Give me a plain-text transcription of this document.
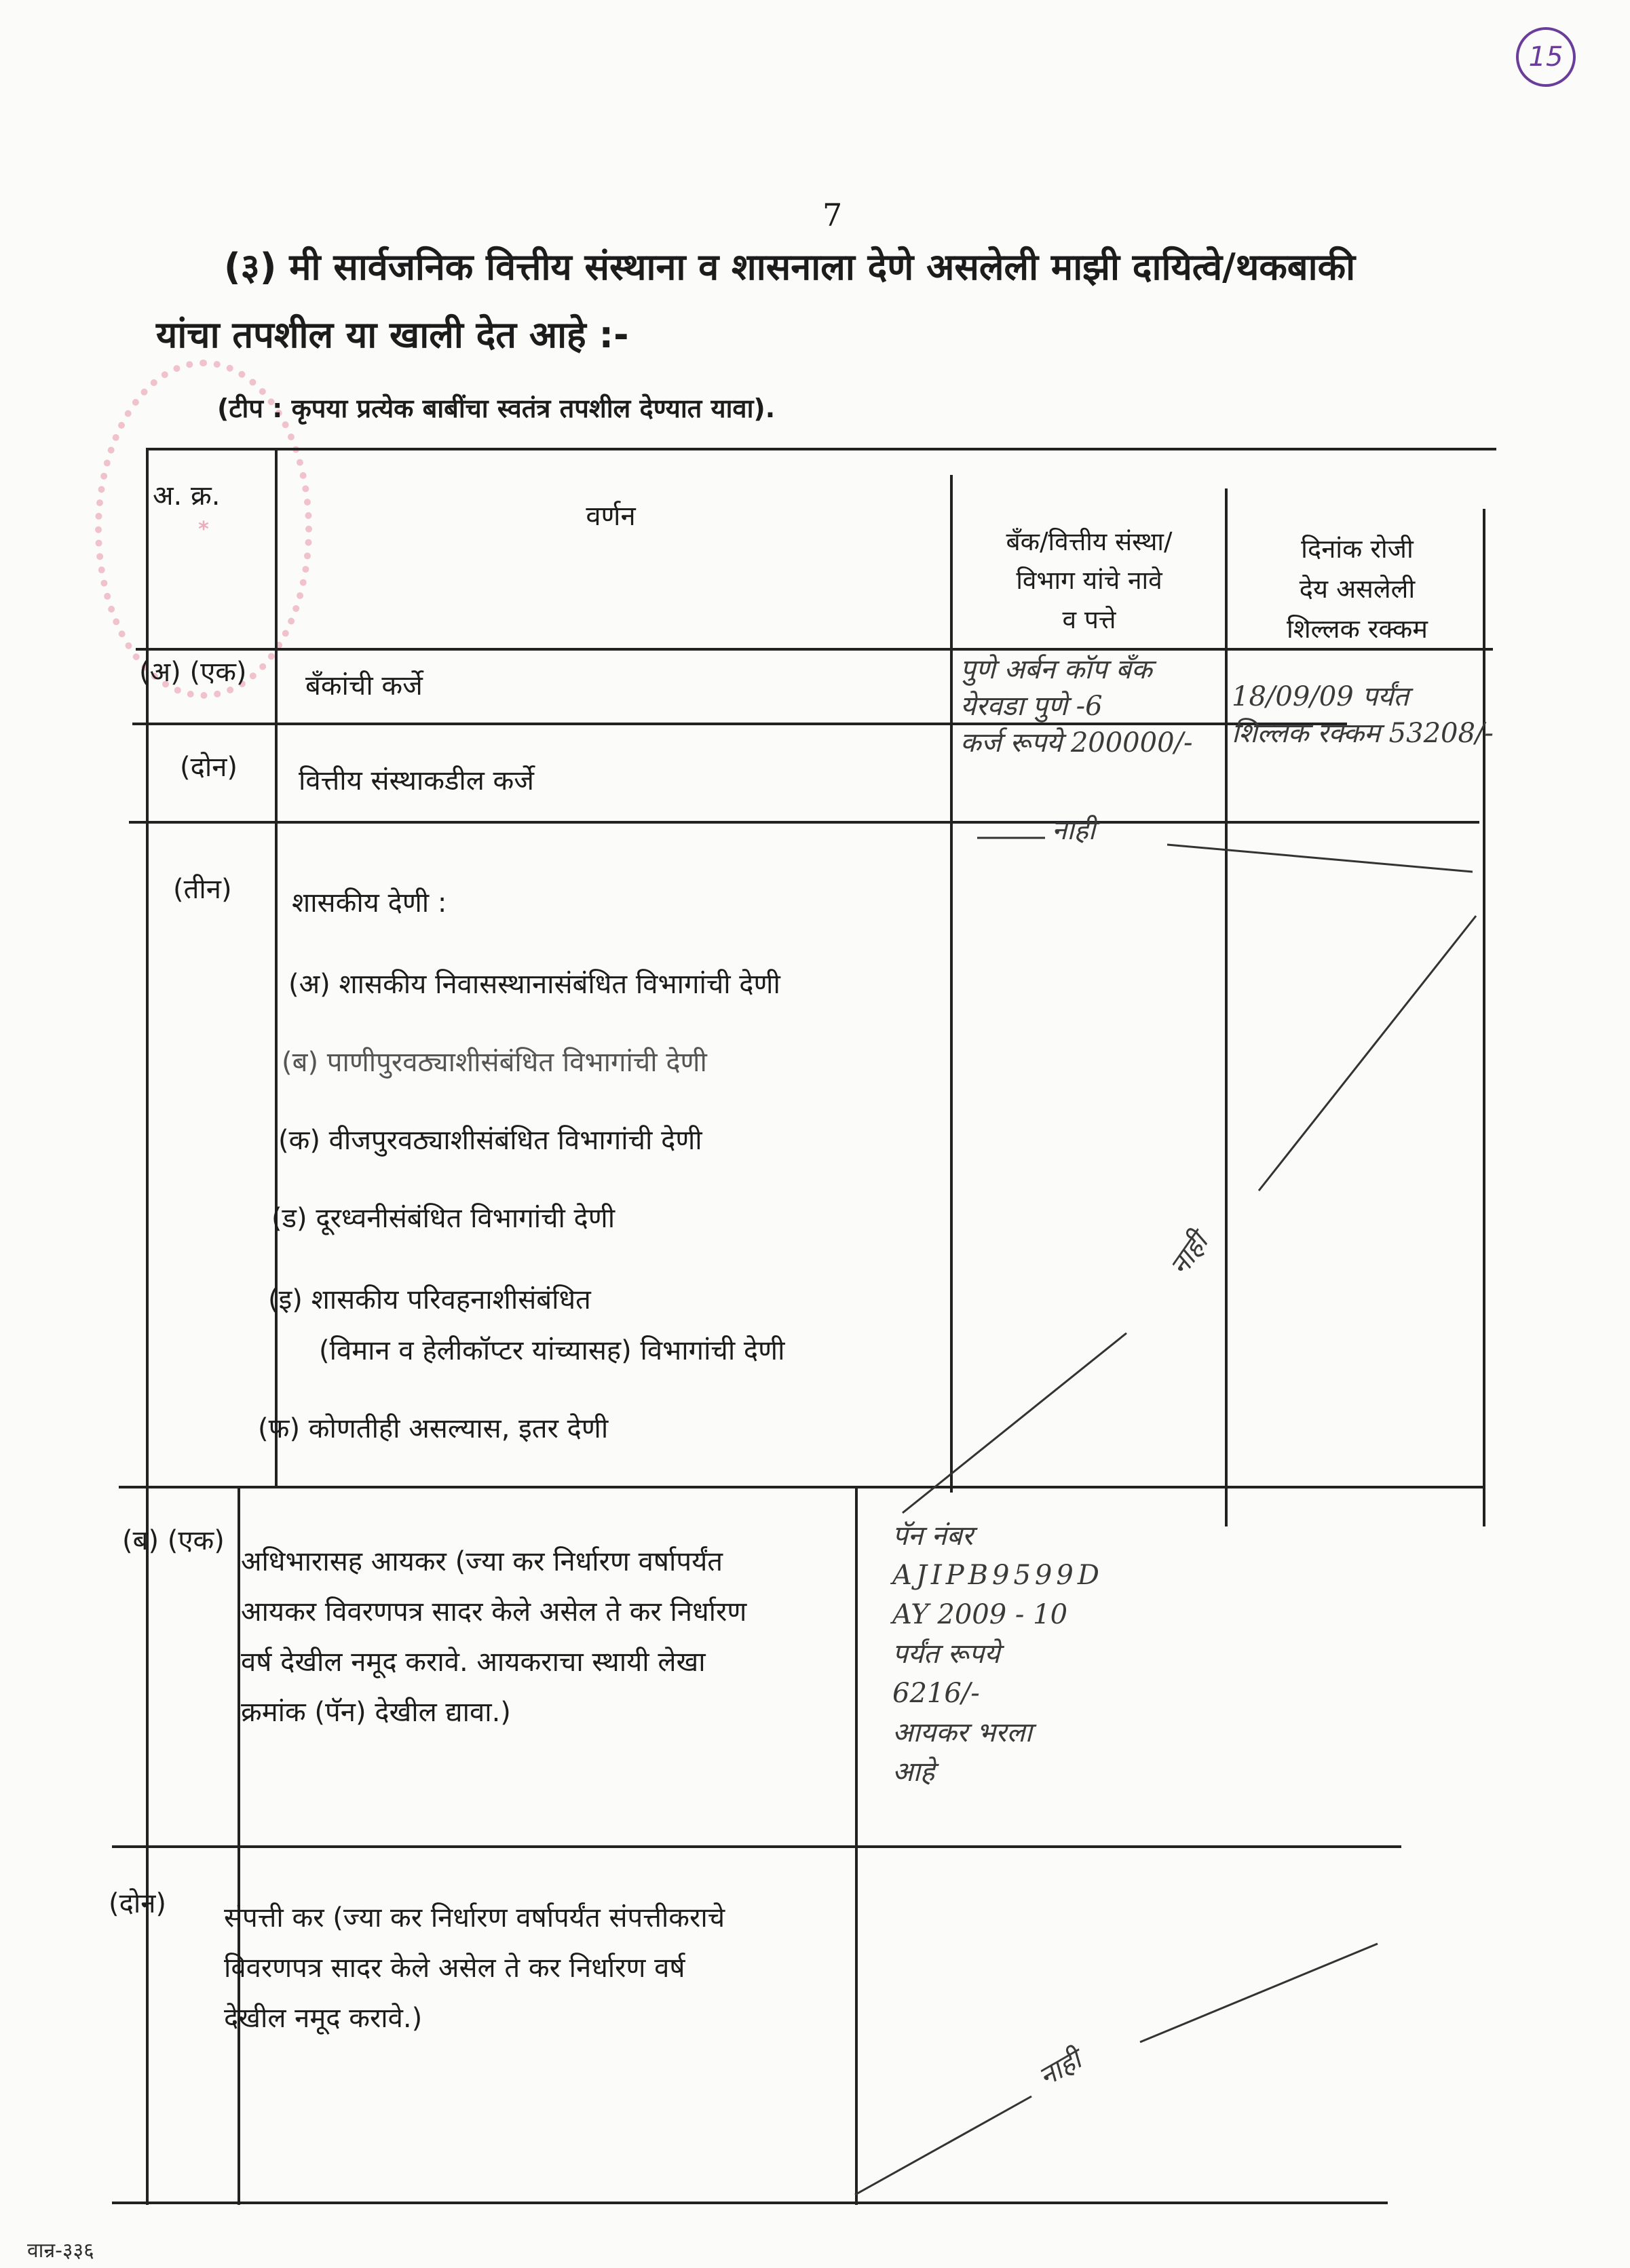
15
7
(३) मी सार्वजनिक वित्तीय संस्थाना व शासनाला देणे असलेली माझी दायित्वे/थकबाकी
यांचा तपशील या खाली देत आहे :-
*
(टीप : कृपया प्रत्येक बाबींचा स्वतंत्र तपशील देण्यात यावा).
अ. क्र.
वर्णन
बॅंक/वित्तीय संस्था/
विभाग यांचे नावे
व पत्ते
दिनांक रोजी
देय असलेली
शिल्लक रक्कम
(अ) (एक) बॅंकांची कर्जे
पुणे अर्बन कॉप बॅंक
येरवडा पुणे -6
कर्ज रूपये 200000/-
18/09/09 पर्यंत
शिल्लक रक्कम 53208/-
(दोन) वित्तीय संस्थाकडील कर्जे
नाही
(तीन) शासकीय देणी :
(अ) शासकीय निवासस्थानासंबंधित विभागांची देणी
(ब) पाणीपुरवठ्याशीसंबंधित विभागांची देणी
(क) वीजपुरवठ्याशीसंबंधित विभागांची देणी
(ड) दूरध्वनीसंबंधित विभागांची देणी
(इ) शासकीय परिवहनाशीसंबंधित
(विमान व हेलीकॉप्टर यांच्यासह) विभागांची देणी
(फ) कोणतीही असल्यास, इतर देणी
नाही
(ब) (एक)
अधिभारासह आयकर (ज्या कर निर्धारण वर्षापर्यंत
आयकर विवरणपत्र सादर केले असेल ते कर निर्धारण
वर्ष देखील नमूद करावे. आयकराचा स्थायी लेखा
क्रमांक (पॅन) देखील द्यावा.)
पॅन नंबर
AJIPB9599D
AY 2009 - 10
पर्यंत रूपये
6216/-
आयकर भरला
आहे
(दोन) संपत्ती कर (ज्या कर निर्धारण वर्षापर्यंत संपत्तीकराचे
विवरणपत्र सादर केले असेल ते कर निर्धारण वर्ष
देखील नमूद करावे.)
नाही
वान्र-३३६
